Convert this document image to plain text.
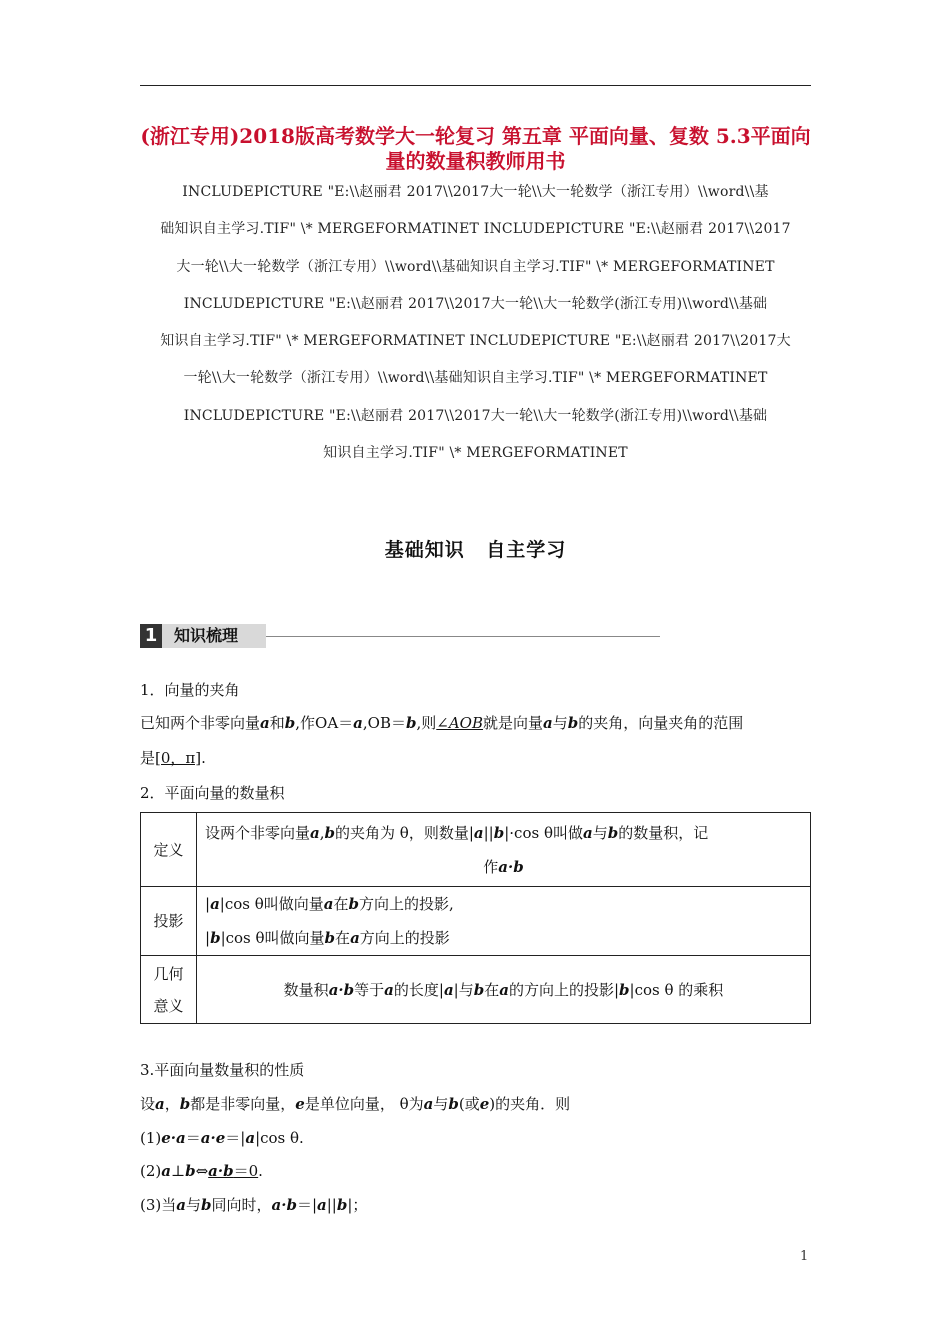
(浙江专用)2018版高考数学大一轮复习 第五章 平面向量、复数 5.3平面向量的数量积教师用书
INCLUDEPICTURE "E:\\赵丽君 2017\\2017大一轮\\大一轮数学（浙江专用）\\word\\基
础知识自主学习.TIF" \* MERGEFORMATINET INCLUDEPICTURE "E:\\赵丽君 2017\\2017
大一轮\\大一轮数学（浙江专用）\\word\\基础知识自主学习.TIF" \* MERGEFORMATINET
INCLUDEPICTURE "E:\\赵丽君 2017\\2017大一轮\\大一轮数学(浙江专用)\\word\\基础
知识自主学习.TIF" \* MERGEFORMATINET INCLUDEPICTURE "E:\\赵丽君 2017\\2017大
一轮\\大一轮数学（浙江专用）\\word\\基础知识自主学习.TIF" \* MERGEFORMATINET
INCLUDEPICTURE "E:\\赵丽君 2017\\2017大一轮\\大一轮数学(浙江专用)\\word\\基础
知识自主学习.TIF" \* MERGEFORMATINET
基础知识 自主学习
1	知识梳理
1．向量的夹角
已知两个非零向量a和b,作OA＝a,OB＝b,则∠AOB就是向量a与b的夹角，向量夹角的范围
是[0，π].
2．平面向量的数量积
定义	设两个非零向量a,b的夹角为 θ，则数量|a||b|·cos θ叫做a与b的数量积，记
作a·b

投影	|a|cos θ叫做向量a在b方向上的投影,
|b|cos θ叫做向量b在a方向上的投影

几何
意义	数量积a·b等于a的长度|a|与b在a的方向上的投影|b|cos θ 的乘积
3.平面向量数量积的性质
设a，b都是非零向量，e是单位向量， θ为a与b(或e)的夹角．则
(1)e·a＝a·e＝|a|cos θ.
(2)a⊥b⇔a·b＝0.
(3)当a与b同向时，a·b＝|a||b|；
1
